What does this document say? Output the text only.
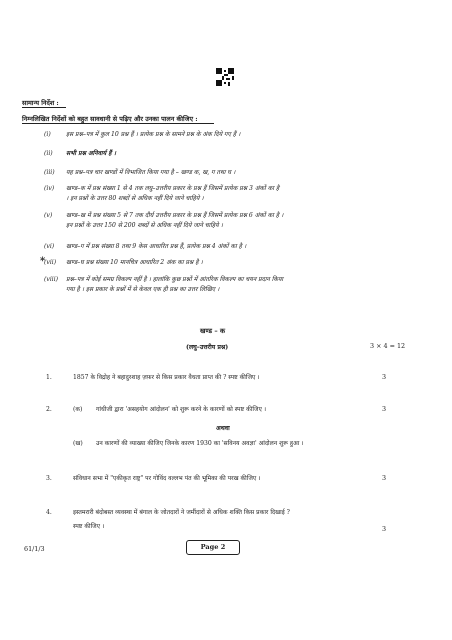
सामान्य निर्देश :
निम्नलिखित निर्देशों को बहुत सावधानी से पढ़िए और उनका पालन कीजिए :
(i)	इस प्रश्न–पत्र में कुल 10 प्रश्न हैं । प्रत्येक प्रश्न के सामने प्रश्न के अंक दिये गए हैं ।
(ii)	सभी प्रश्न अनिवार्य हैं ।
(iii)	यह प्रश्न–पत्र चार खण्डों में विभाजित किया गया है – खण्ड क, ख, ग तथा घ ।
(iv)	खण्ड–क में प्रश्न संख्या 1 से 4 तक लघु–उत्तरीय प्रकार के प्रश्न हैं जिसमें प्रत्येक प्रश्न 3 अंकों का है
। इन प्रश्नों के उत्तर 80 शब्दों से अधिक नहीं दिये जाने चाहिये ।
(v)	खण्ड–ख में प्रश्न संख्या 5 से 7 तक दीर्घ उत्तरीय प्रकार के प्रश्न हैं जिसमें प्रत्येक प्रश्न 6 अंकों का है ।
इन प्रश्नों के उत्तर 150 से 200 शब्दों से अधिक नहीं दिये जाने चाहिये ।
(vi)	खण्ड–ग में प्रश्न संख्या 8 तथा 9 केस आधारित प्रश्न हैं, प्रत्येक प्रश्न 4 अंकों का है ।
(vii)	खण्ड–घ प्रश्न संख्या 10 मानचित्र आधारित 2 अंक का प्रश्न है ।
(viii)	प्रश्न–पत्र में कोई समग्र विकल्प नहीं है । हालांकि कुछ प्रश्नों में आंतरिक विकल्प का चयन प्रदान किया
गया है । इस प्रकार के प्रश्नों में से केवल एक ही प्रश्न का उत्तर लिखिए ।
*
खण्ड – क
(लघु–उत्तरीय प्रश्न)	3 × 4 = 12
1.	1857 के विद्रोह ने बहादुरशाह ज़फ़र से किस प्रकार वैधता प्राप्त की ? स्पष्ट कीजिए ।	3
2.	(क) गांधीजी द्वारा 'असहयोग आंदोलन' को शुरू करने के कारणों को स्पष्ट कीजिए ।	3
अथवा
(ख) उन कारणों की व्याख्या कीजिए जिनके कारण 1930 का 'सविनय अवज्ञा' आंदोलन शुरू हुआ ।
3.	संविधान सभा में "एकीकृत राष्ट्र" पर गोविंद वल्लभ पंत की भूमिका की परख कीजिए ।	3
4.	इस्तमरारी बंदोबस्त व्यवस्था में बंगाल के जोतदारों ने जमींदारों से अधिक शक्ति किस प्रकार दिखाई ?
स्पष्ट कीजिए ।	3
61/1/3	Page 2
